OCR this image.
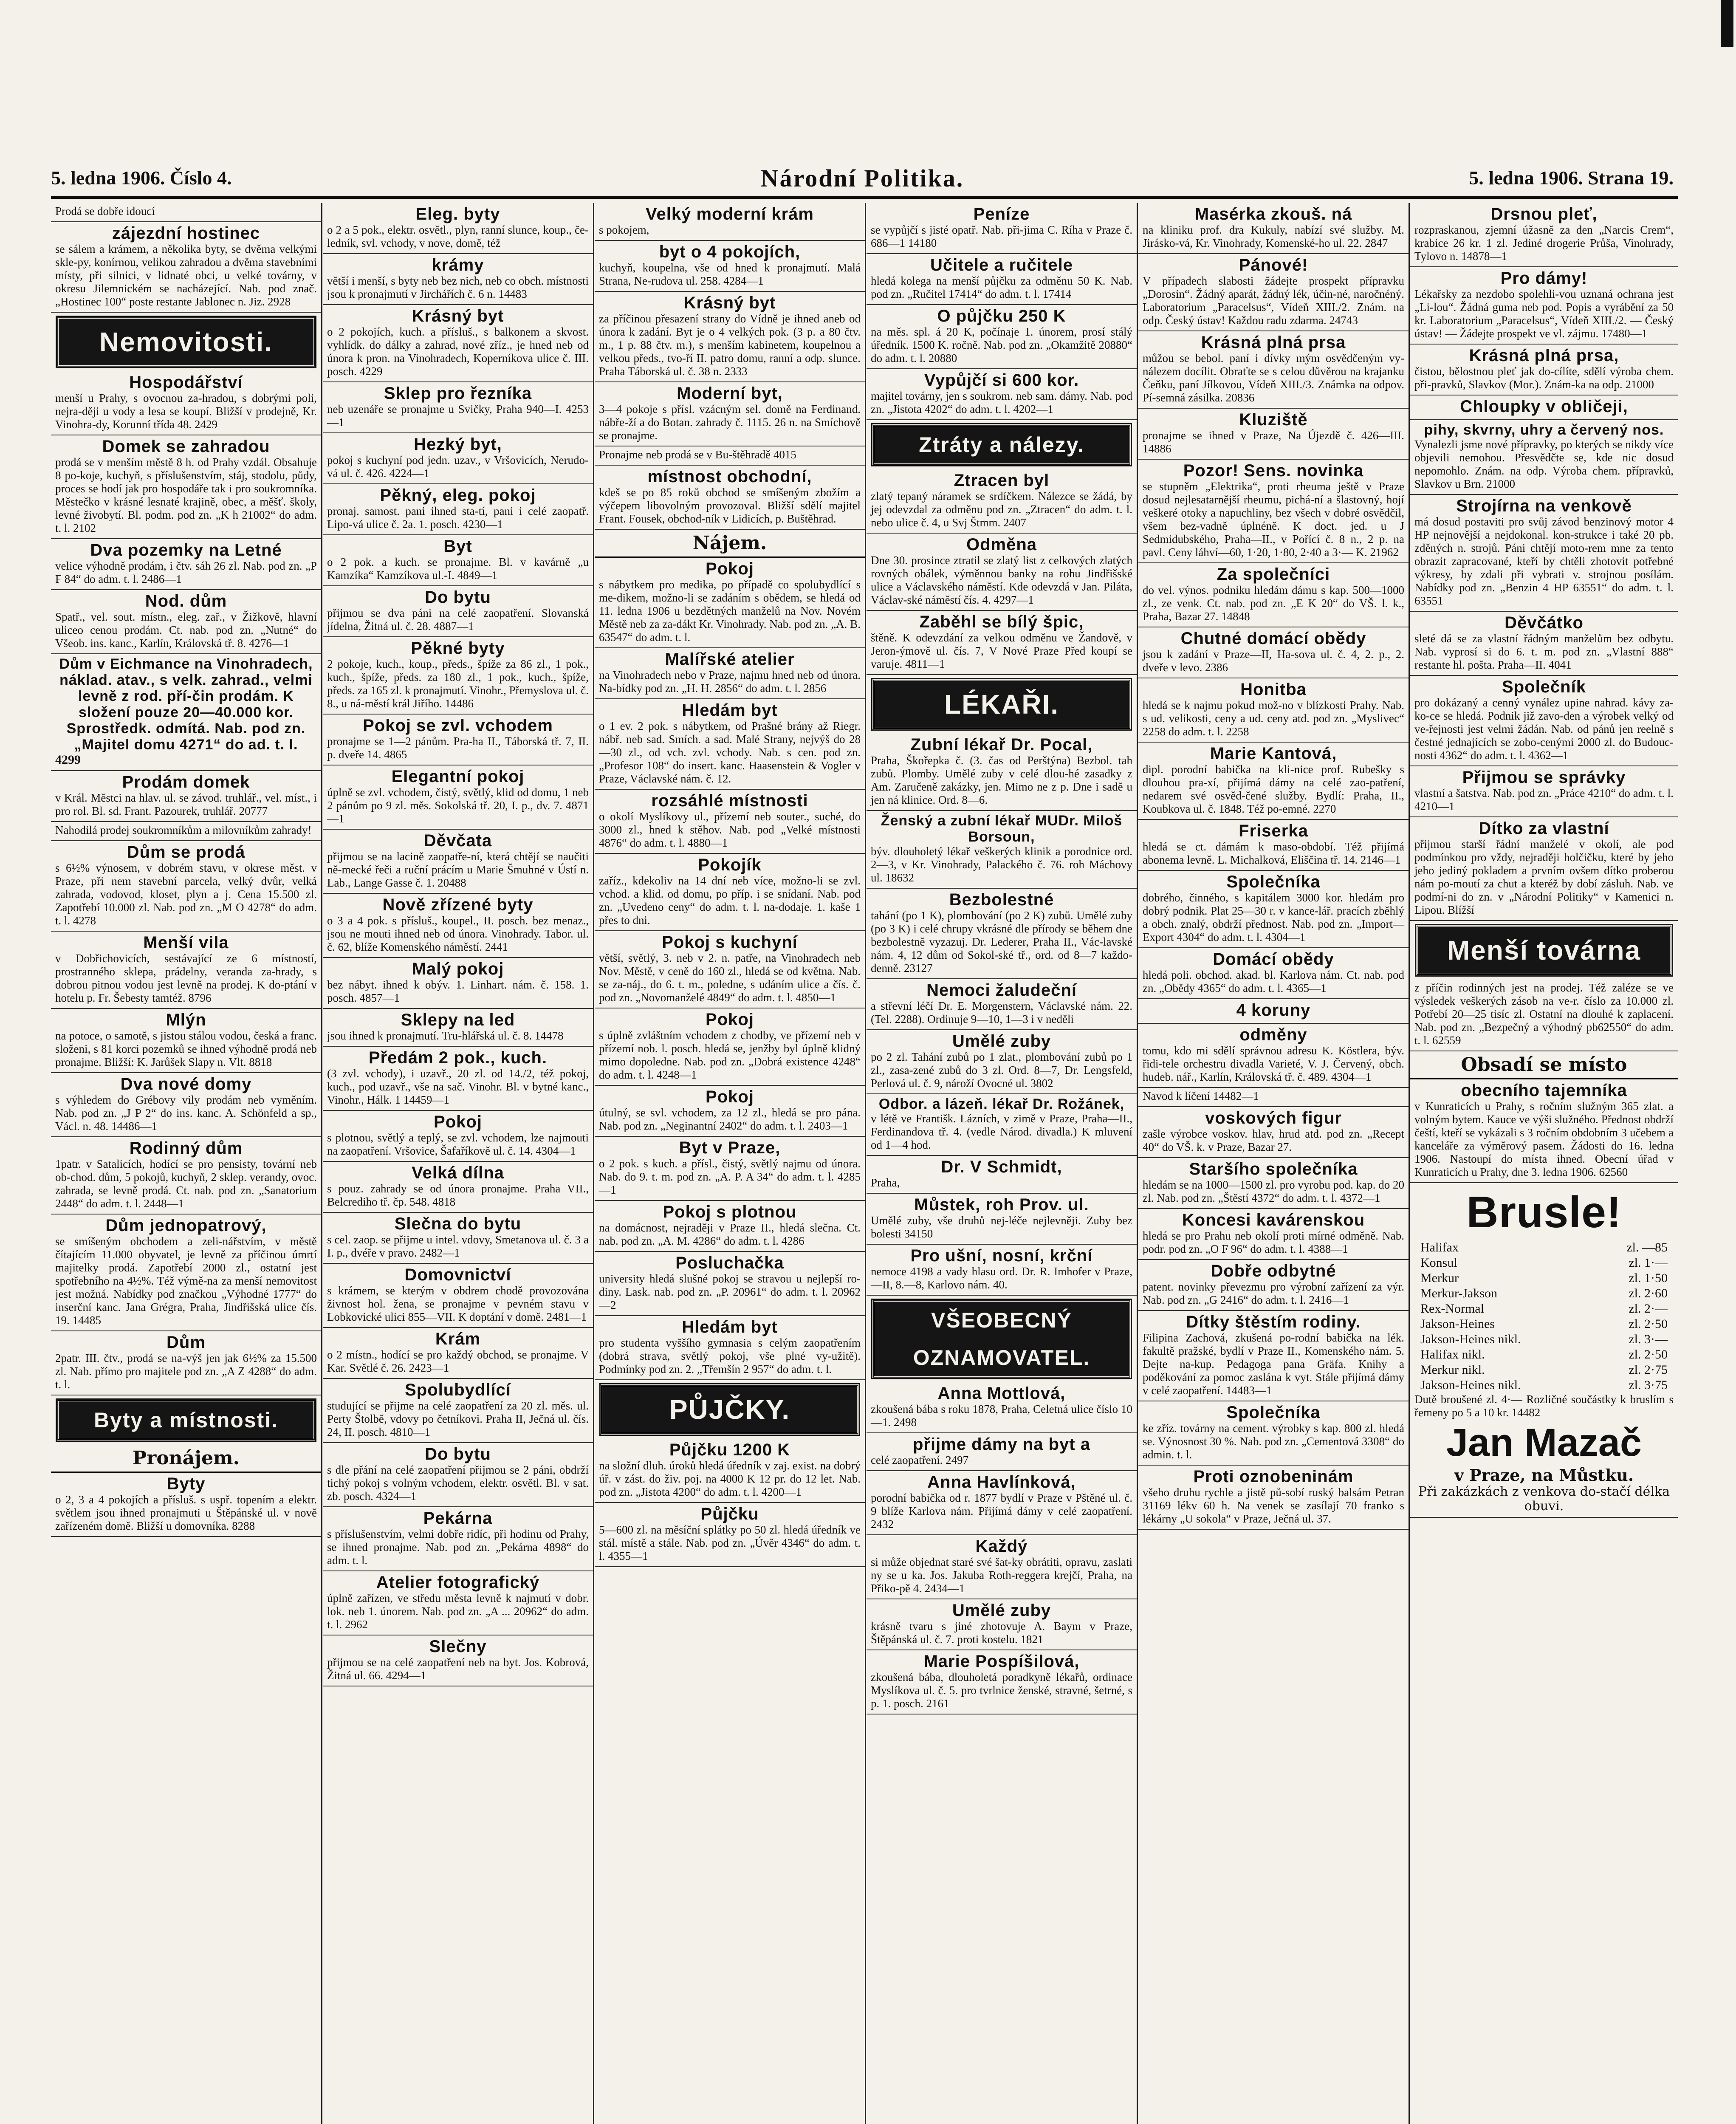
5. ledna 1906. Číslo 4.	Národní Politika.	5. ledna 1906. Strana 19.

Prodá se dobře idoucí

zájezdní hostinec

se sálem a krámem, a několika byty, se dvěma velkými skle-py, konírnou, velikou zahradou a dvěma stavebními místy, při silnici, v lidnaté obci, u velké továrny, v okresu Jilemnickém se nacházející. Nab. pod znač. „Hostinec 100“ poste restante Jablonec n. Jiz. 2928

Nemovitosti.
Hospodářství

menší u Prahy, s ovocnou za-hradou, s dobrými poli, nejra-ději u vody a lesa se koupí. Bližší v prodejně, Kr. Vinohra-dy, Korunní třída 48. 2429

Domek se zahradou

prodá se v menším městě 8 h. od Prahy vzdál. Obsahuje 8 po-koje, kuchyň, s příslušenstvím, stáj, stodolu, půdy, proces se hodí jak pro hospodáře tak i pro soukromníka. Městečko v krásné lesnaté krajině, obec, a měšť. školy, levné živobytí. Bl. podm. pod zn. „K h 21002“ do adm. t. l. 2102

Dva pozemky na Letné

velice výhodně prodám, i čtv. sáh 26 zl. Nab. pod zn. „P F 84“ do adm. t. l. 2486—1

Nod. dům

Spatř., vel. sout. místn., eleg. zař., v Žižkově, hlavní uliceo cenou prodám. Ct. nab. pod zn. „Nutné“ do Všeob. ins. kanc., Karlín, Královská tř. 8. 4276—1

Dům v Eichmance na Vinohradech, náklad. atav., s velk. zahrad., velmi levně z rod. pří-čin prodám. K složení pouze 20—40.000 kor. Sprostředk. odmítá. Nab. pod zn. „Majitel domu 4271“ do ad. t. l.

4299

Prodám domek

v Král. Městci na hlav. ul. se závod. truhlář., vel. míst., i pro rol. Bl. sd. Frant. Pazourek, truhlář. 20777

Nahodilá prodej soukromníkům a milovníkům zahrady!

Dům se prodá

s 6½% výnosem, v dobrém stavu, v okrese měst. v Praze, při nem stavební parcela, velký dvůr, velká zahrada, vodovod, kloset, plyn a j. Cena 15.500 zl. Zapotřebí 10.000 zl. Nab. pod zn. „M O 4278“ do adm. t. l. 4278

Menší vila

v Dobřichovicích, sestávající ze 6 místností, prostranného sklepa, prádelny, veranda za-hrady, s dobrou pitnou vodou jest levně na prodej. K do-ptání v hotelu p. Fr. Šebesty tamtéž. 8796

Mlýn

na potoce, o samotě, s jistou stálou vodou, česká a franc. složeni, s 81 korci pozemků se ihned výhodně prodá neb pronajme. Bližší: K. Jarůšek Slapy n. Vlt. 8818

Dva nové domy

s výhledem do Grébovy vily prodám neb vyměním. Nab. pod zn. „J P 2“ do ins. kanc. A. Schönfeld a sp., Václ. n. 48. 14486—1

Rodinný dům

1patr. v Satalicích, hodící se pro pensisty, tovární neb ob-chod. dům, 5 pokojů, kuchyň, 2 sklep. verandy, ovoc. zahrada, se levně prodá. Ct. nab. pod zn. „Sanatorium 2448“ do adm. t. l. 2448—1

Dům jednopatrový,

se smíšeným obchodem a zeli-nářstvím, v městě čítajícím 11.000 obyvatel, je levně za příčinou úmrtí majitelky prodá. Zapotřebí 2000 zl., ostatní jest spotřebního na 4½%. Též výmě-na za menší nemovitost jest možná. Nabídky pod značkou „Výhodné 1777“ do inserční kanc. Jana Grégra, Praha, Jindřišská ulice čís. 19. 14485

Dům

2patr. III. čtv., prodá se na-výš jen jak 6½% za 15.500 zl. Nab. přímo pro majitele pod zn. „A Z 4288“ do adm. t. l.

Byty a místnosti.
Pronájem.
Byty

o 2, 3 a 4 pokojích a přísluš. s uspř. topením a elektr. světlem jsou ihned pronajmuti u Štěpánské ul. v nově zařízeném domě. Bližší u domovníka. 8288

Eleg. byty

o 2 a 5 pok., elektr. osvětl., plyn, ranní slunce, koup., če-ledník, svl. vchody, v nove, domě, též

krámy

větší i menší, s byty neb bez nich, neb co obch. místnosti jsou k pronajmutí v Jirchářích č. 6 n. 14483

Krásný byt

o 2 pokojích, kuch. a přísluš., s balkonem a skvost. vyhlídk. do dálky a zahrad, nové zříz., je hned neb od února k pron. na Vinohradech, Koperníkova ulice č. III. posch. 4229

Sklep pro řezníka

neb uzenáře se pronajme u Svičky, Praha 940—I. 4253—1

Hezký byt,

pokoj s kuchyní pod jedn. uzav., v Vršovicích, Nerudo-vá ul. č. 426. 4224—1

Pěkný, eleg. pokoj

pronaj. samost. pani ihned sta-tí, pani i celé zaopatř. Lipo-vá ulice č. 2a. 1. posch. 4230—1

Byt

o 2 pok. a kuch. se pronajme. Bl. v kavárně „u Kamzíka“ Kamzíkova ul.-I. 4849—1

Do bytu

přijmou se dva páni na celé zaopatření. Slovanská jídelna, Žitná ul. č. 28. 4887—1

Pěkné byty

2 pokoje, kuch., koup., předs., špíže za 86 zl., 1 pok., kuch., špíže, předs. za 180 zl., 1 pok., kuch., špíže, předs. za 165 zl. k pronajmutí. Vinohr., Přemyslova ul. č. 8., u ná-městí král Jiřího. 14486

Pokoj se zvl. vchodem

pronajme se 1—2 pánům. Pra-ha II., Táborská tř. 7, II. p. dveře 14. 4865

Elegantní pokoj

úplně se zvl. vchodem, čistý, světlý, klid od domu, 1 neb 2 pánům po 9 zl. měs. Sokolská tř. 20, I. p., dv. 7. 4871—1

Děvčata

přijmou se na lacině zaopatře-ní, která chtějí se naučiti ně-mecké řeči a ruční prácím u Marie Šmuhné v Ústí n. Lab., Lange Gasse č. 1. 20488

Nově zřízené byty

o 3 a 4 pok. s přísluš., koupel., II. posch. bez menaz., jsou ne mouti ihned neb od února. Vinohrady. Tabor. ul. č. 62, blíže Komenského náměstí. 2441

Malý pokoj

bez nábyt. ihned k obýv. 1. Linhart. nám. č. 158. 1. posch. 4857—1

Sklepy na led

jsou ihned k pronajmutí. Tru-hlářská ul. č. 8. 14478

Předám 2 pok., kuch.

(3 zvl. vchody), i uzavř., 20 zl. od 14./2, též pokoj, kuch., pod uzavř., vše na sač. Vinohr. Bl. v bytné kanc., Vinohr., Hálk. 1 14459—1

Pokoj

s plotnou, světlý a teplý, se zvl. vchodem, lze najmouti na zaopatření. Vršovice, Šafaříkově ul. č. 14. 4304—1

Velká dílna

s pouz. zahrady se od února pronajme. Praha VII., Belcrediho tř. čp. 548. 4818

Slečna do bytu

s cel. zaop. se přijme u intel. vdovy, Smetanova ul. č. 3 a I. p., dvéře v pravo. 2482—1

Domovnictví

s krámem, se kterým v obdrem chodě provozována živnost hol. žena, se pronajme v pevném stavu v Lobkovické ulici 855—VII. K doptání v domě. 2481—1

Krám

o 2 místn., hodící se pro každý obchod, se pronajme. V Kar. Světlé č. 26. 2423—1

Spolubydlící

studující se přijme na celé zaopatření za 20 zl. měs. ul. Perty Štolbě, vdovy po četníkovi. Praha II, Ječná ul. čís. 24, II. posch. 4810—1

Do bytu

s dle přání na celé zaopatření přijmou se 2 páni, obdrží tichý pokoj s volným vchodem, elektr. osvětl. Bl. v sat. zb. posch. 4324—1

Pekárna

s příslušenstvím, velmi dobře ridíc, při hodinu od Prahy, se ihned pronajme. Nab. pod zn. „Pekárna 4898“ do adm. t. l.

Atelier fotografický

úplně zařízen, ve středu města levně k najmutí v dobr. lok. neb 1. únorem. Nab. pod zn. „A ... 20962“ do adm. t. l. 2962

Slečny

přijmou se na celé zaopatření neb na byt. Jos. Kobrová, Žitná ul. 66. 4294—1

Velký moderní krám

s pokojem,

byt o 4 pokojích,

kuchyň, koupelna, vše od hned k pronajmutí. Malá Strana, Ne-rudova ul. 258. 4284—1

Krásný byt

za příčinou přesazení strany do Vídně je ihned aneb od února k zadání. Byt je o 4 velkých pok. (3 p. a 80 čtv. m., 1 p. 88 čtv. m.), s menším kabinetem, koupelnou a velkou předs., tvo-ří II. patro domu, ranní a odp. slunce. Praha Táborská ul. č. 38 n. 2333

Moderní byt,

3—4 pokoje s přísl. vzácným sel. domě na Ferdinand. nábře-ží a do Botan. zahrady č. 1115. 26 n. na Smíchově se pronajme.

Pronajme neb prodá se v Bu-štěhradě 4015

místnost obchodní,

kdeš se po 85 roků obchod se smíšeným zbožím a výčepem libovolným provozoval. Bližší sdělí majitel Frant. Fousek, obchod-ník v Lidicích, p. Buštěhrad.

Nájem.
Pokoj

s nábytkem pro medika, po případě co spolubydlící s me-dikem, možno-li se zadáním s obědem, se hledá od 11. ledna 1906 u bezdětných manželů na Nov. Novém Městě neb za za-dákt Kr. Vinohrady. Nab. pod zn. „A. B. 63547“ do adm. t. l.

Malířské atelier

na Vinohradech nebo v Praze, najmu hned neb od února. Na-bídky pod zn. „H. H. 2856“ do adm. t. l. 2856

Hledám byt

o 1 ev. 2 pok. s nábytkem, od Prašné brány až Riegr. nábř. neb sad. Smích. a sad. Malé Strany, nejvýš do 28—30 zl., od vch. zvl. vchody. Nab. s cen. pod zn. „Profesor 108“ do insert. kanc. Haasenstein & Vogler v Praze, Václavské nám. č. 12.

rozsáhlé místnosti

o okolí Myslíkovy ul., přízemí neb souter., suché, do 3000 zl., hned k stěhov. Nab. pod „Velké místnosti 4876“ do adm. t. l. 4880—1

Pokojík

zaříz., kdekoliv na 14 dní neb více, možno-li se zvl. vchod. a klid. od domu, po příp. i se snídaní. Nab. pod zn. „Uvedeno ceny“ do adm. t. l. na-dodaje. 1. kaše 1 přes to dni.

Pokoj s kuchyní

větší, světlý, 3. neb v 2. n. patře, na Vinohradech neb Nov. Městě, v ceně do 160 zl., hledá se od května. Nab. se za-náj., do 6. t. m., poledne, s udáním ulice a čís. č. pod zn. „Novomanželé 4849“ do adm. t. l. 4850—1

Pokoj

s úplně zvláštním vchodem z chodby, ve přízemí neb v přízemí nob. l. posch. hledá se, jenžby byl úplně klidný mimo dopoledne. Nab. pod zn. „Dobrá existence 4248“ do adm. t. l. 4248—1

Pokoj

útulný, se svl. vchodem, za 12 zl., hledá se pro pána. Nab. pod zn. „Neginantní 2402“ do adm. t. l. 2403—1

Byt v Praze,

o 2 pok. s kuch. a přísl., čistý, světlý najmu od února. Nab. do 9. t. m. pod zn. „A. P. A 34“ do adm. t. l. 4285—1

Pokoj s plotnou

na domácnost, nejraději v Praze II., hledá slečna. Ct. nab. pod zn. „A. M. 4286“ do adm. t. l. 4286

Posluchačka

university hledá slušné pokoj se stravou u nejlepší ro-diny. Lask. nab. pod zn. „P. 20961“ do adm. t. l. 20962—2

Hledám byt

pro studenta vyššího gymnasia s celým zaopatřením (dobrá strava, světlý pokoj, vše plné vy-užitě). Podmínky pod zn. 2. „Třemšín 2 957“ do adm. t. l.

PŮJČKY.
Půjčku 1200 K

na složní dluh. úroků hledá úředník v zaj. exist. na dobrý úř. v zást. do živ. poj. na 4000 K 12 pr. do 12 let. Nab. pod zn. „Jistota 4200“ do adm. t. l. 4200—1

Půjčku

5—600 zl. na měsíční splátky po 50 zl. hledá úředník ve stál. místě a stále. Nab. pod zn. „Úvěr 4346“ do adm. t. l. 4355—1

Peníze

se vypůjčí s jisté opatř. Nab. při-jima C. Ríha v Praze č. 686—1 14180

Učitele a ručitele

hledá kolega na menší půjčku za odměnu 50 K. Nab. pod zn. „Ručitel 17414“ do adm. t. l. 17414

O půjčku 250 K

na měs. spl. á 20 K, počínaje 1. únorem, prosí stálý úředník. 1500 K. ročně. Nab. pod zn. „Okamžitě 20880“ do adm. t. l. 20880

Vypůjčí si 600 kor.

majitel továrny, jen s soukrom. neb sam. dámy. Nab. pod zn. „Jistota 4202“ do adm. t. l. 4202—1

Ztráty a nálezy.
Ztracen byl

zlatý tepaný náramek se srdíčkem. Nálezce se žádá, by jej odevzdal za odměnu pod zn. „Ztracen“ do adm. t. l. nebo ulice č. 4, u Svj Štmm. 2407

Odměna

Dne 30. prosince ztratil se zlatý list z celkových zlatých rovných obálek, výměnnou banky na rohu Jindřišské ulice a Václavského náměstí. Kde odevzdá v Jan. Piláta, Václav-ské náměstí čís. 4. 4297—1

Zaběhl se bílý špic,

štěně. K odevzdání za velkou odměnu ve Žandově, v Jeron-ýmově ul. čís. 7, V Nové Praze Před koupí se varuje. 4811—1

LÉKAŘI.
Zubní lékař Dr. Pocal,

Praha, Škořepka č. (3. čas od Perštýna) Bezbol. tah zubů. Plomby. Umělé zuby v celé dlou-hé zasadky z Am. Zaručeně zakázky, jen. Mimo ne z p. Dne i sadě u jen ná klinice. Ord. 8—6.

Ženský a zubní lékař MUDr. Miloš Borsoun,

býv. dlouholetý lékař veškerých klinik a porodnice ord. 2—3, v Kr. Vinohrady, Palackého č. 76. roh Máchovy ul. 18632

Bezbolestné

tahání (po 1 K), plombování (po 2 K) zubů. Umělé zuby (po 3 K) i celé chrupy vkrásné dle přírody se během dne bezbolestně vyzazuj. Dr. Lederer, Praha II., Vác-lavské nám. 4, 12 dům od Sokol-ské tř., ord. od 8—7 každo-denně. 23127

Nemoci žaludeční

a střevní léčí Dr. E. Morgenstern, Václavské nám. 22. (Tel. 2288). Ordinuje 9—10, 1—3 i v neděli

Umělé zuby

po 2 zl. Tahání zubů po 1 zlat., plombování zubů po 1 zl., zasa-zené zubů do 3 zl. Ord. 8—7, Dr. Lengsfeld, Perlová ul. č. 9, nároží Ovocné ul. 3802

Odbor. a lázeň. lékař Dr. Rožánek,

v létě ve Františk. Lázních, v zimě v Praze, Praha—II., Ferdinandova tř. 4. (vedle Národ. divadla.) K mluvení od 1—4 hod.

Dr. V Schmidt,

Praha,

Můstek, roh Prov. ul.

Umělé zuby, vše druhů nej-léče nejlevněji. Zuby bez bolesti 34150

Pro ušní, nosní, krční

nemoce 4198 a vady hlasu ord. Dr. R. Imhofer v Praze, —II, 8.—8, Karlovo nám. 40.

VŠEOBECNÝ OZNAMOVATEL.
Anna Mottlová,

zkoušená bába s roku 1878, Praha, Celetná ulice číslo 10—1. 2498

přijme dámy na byt a

celé zaopatření. 2497

Anna Havlínková,

porodní babička od r. 1877 bydlí v Praze v Pštěné ul. č. 9 blíže Karlova nám. Přijímá dámy v celé zaopatření. 2432

Každý

si může objednat staré své šat-ky obrátiti, opravu, zaslati ny se u ka. Jos. Jakuba Roth-reggera krejčí, Praha, na Přiko-pě 4. 2434—1

Umělé zuby

krásně tvaru s jiné zhotovuje A. Baym v Praze, Štěpánská ul. č. 7. proti kostelu. 1821

Marie Pospíšilová,

zkoušená bába, dlouholetá poradkyně lékařů, ordinace Myslíkova ul. č. 5. pro tvrlnice ženské, stravné, šetrné, s p. 1. posch. 2161

Masérka zkouš. ná

na kliniku prof. dra Kukuly, nabízí své služby. M. Jirásko-vá, Kr. Vinohrady, Komenské-ho ul. 22. 2847

Pánové!

V případech slabosti žádejte prospekt přípravku „Dorosin“. Žádný aparát, žádný lék, účin-né, naročnéný. Laboratorium „Paracelsus“, Vídeň XIII./2. Znám. na odp. Český ústav! Každou radu zdarma. 24743

Krásná plná prsa

můžou se bebol. paní i dívky mým osvědčeným vy-nálezem docílit. Obraťte se s celou důvěrou na krajanku Čeňku, paní Jílkovou, Vídeň XIII./3. Známka na odpov. Pí-semná zásilka. 20836

Kluziště

pronajme se ihned v Praze, Na Újezdě č. 426—III. 14886

Pozor! Sens. novinka

se stupněm „Elektrika“, proti rheuma ještě v Praze dosud nejlesatarnější rheumu, pichá-ní a šlastovný, hojí veškeré otoky a napuchliny, bez všech v dobré osvědčil, všem bez-vadně úplnéně. K doct. jed. u J Sedmidubského, Praha—II., v Pořící č. 8 n., 2 p. na pavl. Ceny láhví—60, 1·20, 1·80, 2·40 a 3·— K. 21962

Za společníci

do vel. výnos. podniku hledám dámu s kap. 500—1000 zl., ze venk. Ct. nab. pod zn. „E K 20“ do VŠ. l. k., Praha, Bazar 27. 14848

Chutné domácí obědy

jsou k zadání v Praze—II, Ha-sova ul. č. 4, 2. p., 2. dveře v levo. 2386

Honitba

hledá se k najmu pokud mož-no v blízkosti Prahy. Nab. s ud. velikosti, ceny a ud. ceny atd. pod zn. „Myslivec“ 2258 do adm. t. l. 2258

Marie Kantová,

dipl. porodní babička na kli-nice prof. Rubešky s dlouhou pra-xí, přijímá dámy na celé zao-patření, nedarem své osvěd-čené služby. Bydlí: Praha, II., Koubkova ul. č. 1848. Též po-emné. 2270

Friserka

hledá se ct. dámám k maso-období. Též přijímá abonema levně. L. Michalková, Eliščina tř. 14. 2146—1

Společníka

dobrého, činného, s kapitálem 3000 kor. hledám pro dobrý podnik. Plat 25—30 r. v kance-lář. pracích zběhlý a obch. znalý, obdrží přednost. Nab. pod zn. „Import—Export 4304“ do adm. t. l. 4304—1

Domácí obědy

hledá poli. obchod. akad. bl. Karlova nám. Ct. nab. pod zn. „Obědy 4365“ do adm. t. l. 4365—1

4 koruny
odměny

tomu, kdo mi sdělí správnou adresu K. Köstlera, býv. řidi-tele orchestru divadla Varieté, V. J. Červený, obch. hudeb. nář., Karlín, Královská tř. č. 489. 4304—1

Navod k líčení 14482—1

voskových figur

zašle výrobce voskov. hlav, hrud atd. pod zn. „Recept 40“ do VŠ. k. v Praze, Bazar 27.

Staršího společníka

hledám se na 1000—1500 zl. pro vyrobu pod. kap. do 20 zl. Nab. pod zn. „Štěstí 4372“ do adm. t. l. 4372—1

Koncesi kavárenskou

hledá se pro Prahu neb okolí proti mírné odměně. Nab. podr. pod zn. „O F 96“ do adm. t. l. 4388—1

Dobře odbytné

patent. novinky převezmu pro výrobní zařízení za výr. Nab. pod zn. „G 2416“ do adm. t. l. 2416—1

Dítky štěstím rodiny.

Filipina Zachová, zkušená po-rodní babička na lék. fakultě pražské, bydlí v Praze II., Komenského nám. 5. Dejte na-kup. Pedagoga pana Gräfa. Knihy a poděkování za pomoc zaslána k vyt. Stále přijímá dámy v celé zaopatření. 14483—1

Společníka

ke zříz. továrny na cement. výrobky s kap. 800 zl. hledá se. Výnosnost 30 %. Nab. pod zn. „Cementová 3308“ do admin. t. l.

Proti oznobeninám

všeho druhu rychle a jistě pů-sobí ruský balsám Petran 31169 lékv 60 h. Na venek se zasílají 70 franko s lékárny „U sokola“ v Praze, Ječná ul. 37.

Drsnou pleť,

rozpraskanou, zjemní úžasně za den „Narcis Crem“, krabice 26 kr. 1 zl. Jediné drogerie Průša, Vinohrady, Tylovo n. 14878—1

Pro dámy!

Lékařsky za nezdobo spolehli-vou uznaná ochrana jest „Li-lou“. Žádná guma neb pod. Popis a vyrábění za 50 kr. Laboratorium „Paracelsus“, Vídeň XIII./2. — Český ústav! — Žádejte prospekt ve vl. zájmu. 17480—1

Krásná plná prsa,

čistou, bělostnou pleť jak do-cílíte, sdělí výroba chem. při-pravků, Slavkov (Mor.). Znám-ka na odp. 21000

Chloupky v obličeji,
pihy, skvrny, uhry a červený nos.

Vynalezli jsme nové přípravky, po kterých se nikdy více objevili nemohou. Přesvědčte se, kde nic dosud nepomohlo. Znám. na odp. Výroba chem. přípravků, Slavkov u Brn. 21000

Strojírna na venkově

má dosud postaviti pro svůj závod benzinový motor 4 HP nejnovější a nejdokonal. kon-strukce i také 20 pb. zděných n. strojů. Páni chtějí moto-rem mne za tento obrazit zapracované, kteří by chtěli zhotovit potřebné výkresy, by zdali při vybrati v. strojnou posílám. Nabídky pod zn. „Benzin 4 HP 63551“ do adm. t. l. 63551

Děvčátko

sleté dá se za vlastní řádným manželům bez odbytu. Nab. vyprosí si do 6. t. m. pod zn. „Vlastní 888“ restante hl. pošta. Praha—II. 4041

Společník

pro dokázaný a cenný vynález upine nahrad. kávy za-ko-ce se hledá. Podnik již zavo-den a výrobek velký od ve-řejnosti jest velmi žádán. Nab. od pánů jen reelně s čestné jednajících se zobo-cenými 2000 zl. do Budouc-nosti 4362“ do adm. t. l. 4362—1

Přijmou se správky

vlastní a šatstva. Nab. pod zn. „Práce 4210“ do adm. t. l. 4210—1

Dítko za vlastní

přijmou starší řádní manželé v okolí, ale pod podmínkou pro vždy, nejraději holčičku, které by jeho jeho jediný pokladem a prvním ovšem dítko proberou nám po-moutí za chut a kteréž by dobí zásluh. Nab. ve podmí-ni do zn. v „Národní Politiky“ v Kamenici n. Lipou. Blížší

Menší továrna

z příčin rodinných jest na prodej. Též zaléze se ve výsledek veškerých zásob na ve-r. číslo za 10.000 zl. Potřebí 20—25 tisíc zl. Ostatní na dlouhé k zaplacení. Nab. pod zn. „Bezpečný a výhodný pb62550“ do adm. t. l. 62559

Obsadí se místo
obecního tajemníka

v Kunraticích u Prahy, s ročním služným 365 zlat. a volným bytem. Kauce ve výši služného. Přednost obdrží čeští, kteří se vykázali s 3 ročním obdobním 3 učebem a kanceláře za výměrový pasem. Žádosti do 16. ledna 1906. Nastoupí do místa ihned. Obecní úřad v Kunraticích u Prahy, dne 3. ledna 1906. 62560

Brusle!
Halifax	zl. —85
Konsul	zl. 1·—
Merkur	zl. 1·50
Merkur-Jakson	zl. 2·60
Rex-Normal	zl. 2·—
Jakson-Heines	zl. 2·50
Jakson-Heines nikl.	zl. 3·—
Halifax nikl.	zl. 2·50
Merkur nikl.	zl. 2·75
Jakson-Heines nikl.	zl. 3·75

Dutě broušené zl. 4·— Rozličné součástky k bruslím s řemeny po 5 a 10 kr. 14482

Jan Mazač
v Praze, na Můstku.
Při zakázkách z venkova do-stačí délka obuvi.
